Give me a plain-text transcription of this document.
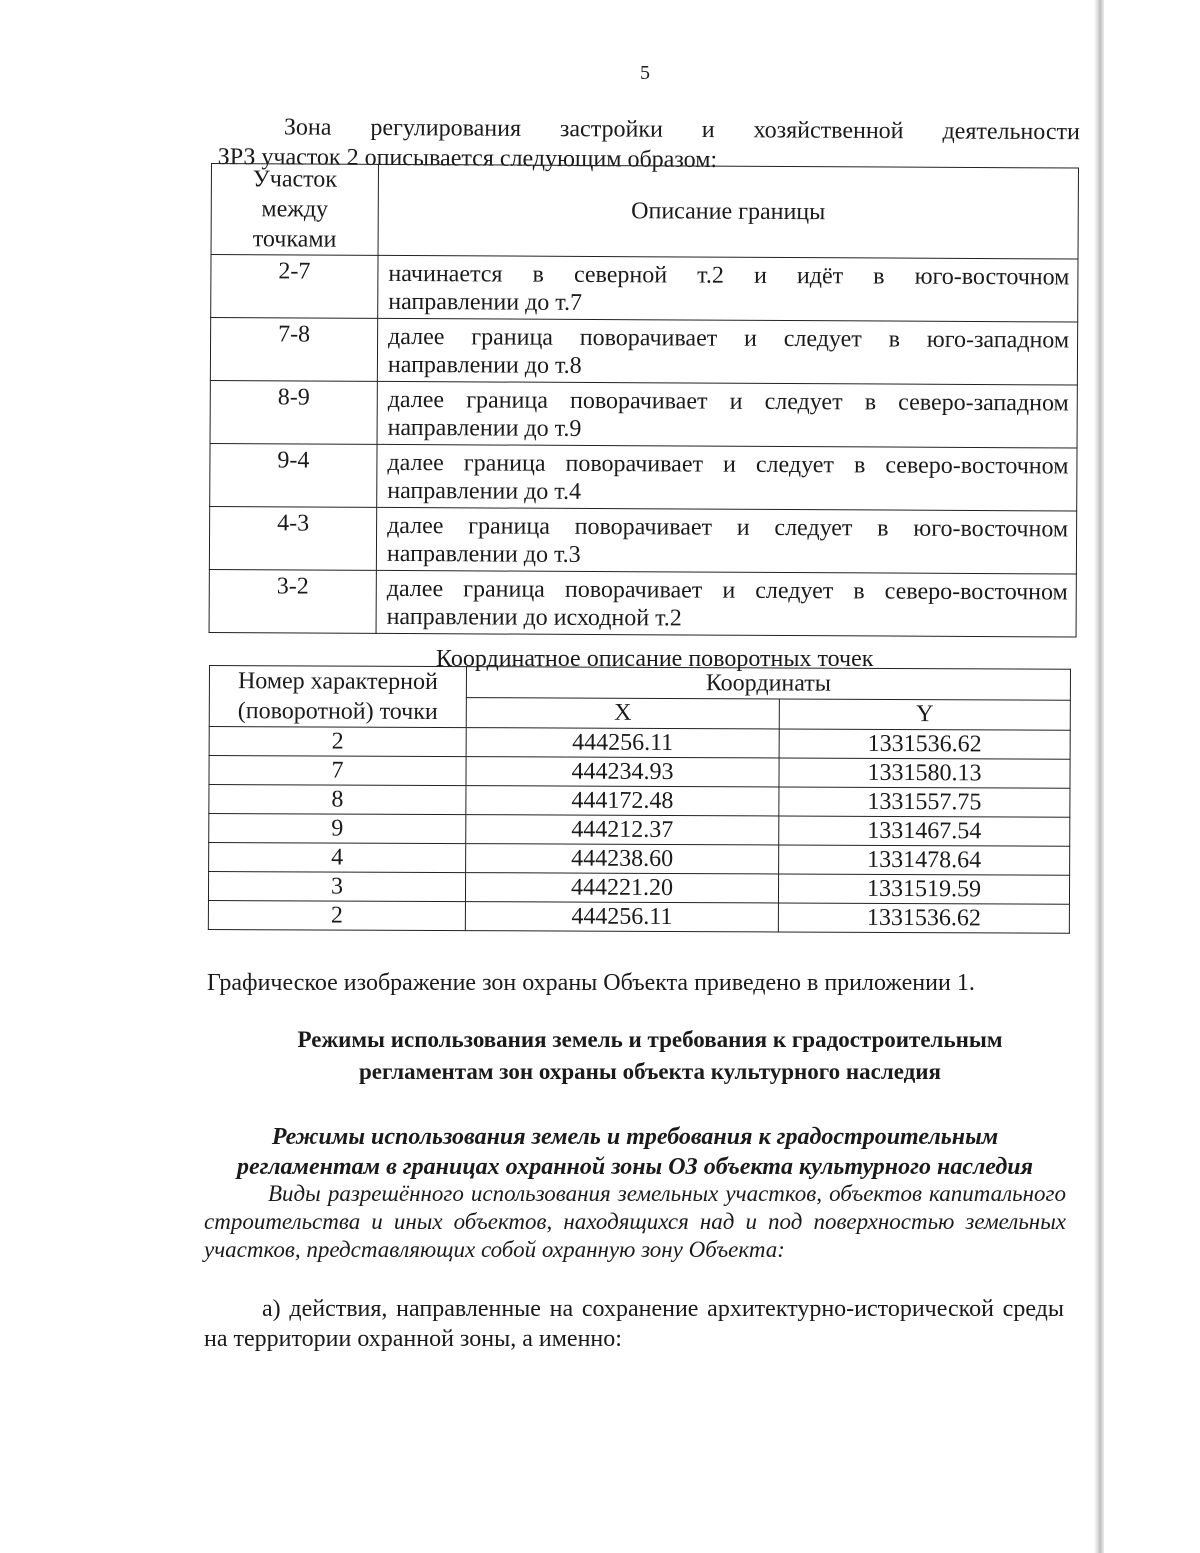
5
Зона регулирования застройки и хозяйственной деятельности
ЗРЗ участок 2 описывается следующим образом:
Участок
между
точками	Описание границы
2-7	начинается в северной т.2 и идёт в юго-восточном
направлении до т.7
7-8	далее граница поворачивает и следует в юго-западном
направлении до т.8
8-9	далее граница поворачивает и следует в северо-западном
направлении до т.9
9-4	далее граница поворачивает и следует в северо-восточном
направлении до т.4
4-3	далее граница поворачивает и следует в юго-восточном
направлении до т.3
3-2	далее граница поворачивает и следует в северо-восточном
направлении до исходной т.2
Координатное описание поворотных точек
Номер характерной
(поворотной) точки	Координаты	
	X	Y
2	444256.11	1331536.62
7	444234.93	1331580.13
8	444172.48	1331557.75
9	444212.37	1331467.54
4	444238.60	1331478.64
3	444221.20	1331519.59
2	444256.11	1331536.62
Графическое изображение зон охраны Объекта приведено в приложении 1.
Режимы использования земель и требования к градостроительным
регламентам зон охраны объекта культурного наследия
Режимы использования земель и требования к градостроительным
регламентам в границах охранной зоны ОЗ объекта культурного наследия
Виды разрешённого использования земельных участков, объектов капитального строительства и иных объектов, находящихся над и под поверхностью земельных участков, представляющих собой охранную зону Объекта:
а) действия, направленные на сохранение архитектурно-исторической среды на территории охранной зоны, а именно:
